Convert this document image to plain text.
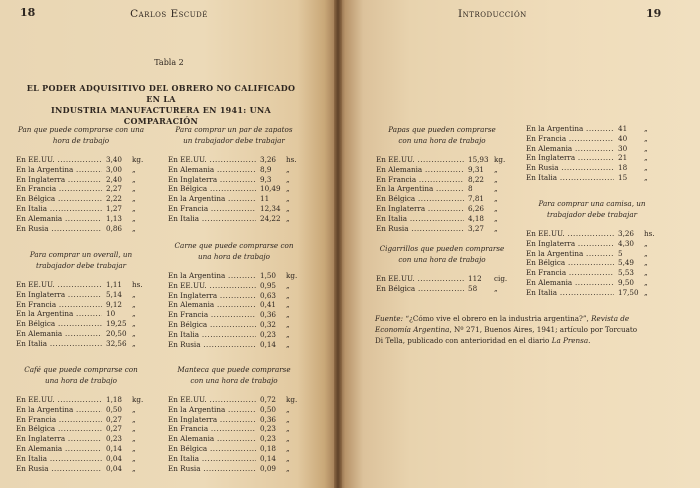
18	Carlos Escudé
Tabla 2
EL PODER ADQUISITIVO DEL OBRERO NO CALIFICADO EN LA
INDUSTRIA MANUFACTURERA EN 1941: UNA COMPARACIÓN
Pan que puede comprarse con una
hora de trabajo
En EE.UU. .....	3,40	kg.
En la Argentina .....	3,00	„
En Inglaterra .....	2,40	„
En Francia .....	2,27	„
En Bélgica .....	2,22	„
En Italia .....	1,27	„
En Alemania .....	1,13	„
En Rusia .....	0,86	„
Para comprar un par de zapatos
un trabajador debe trabajar
En EE.UU. .....	3,26	hs.
En Alemania .....	8,9	„
En Inglaterra .....	9,3	„
En Bélgica .....	10,49 „
En la Argentina .....	11	„
En Francia .....	12,34 „
En Italia .....	24,22 „
Para comprar un overall, un
trabajador debe trabajar
En EE.UU. .....	1,11	hs.
En Inglaterra .....	5,14	„
En Francia .....	9,12	„
En la Argentina .....	10	„
En Bélgica .....	19,25 „
En Alemania .....	20,50 „
En Italia .....	32,56 „
Carne que puede comprarse con
una hora de trabajo
En la Argentina .....	1,50	kg.
En EE.UU. .....	0,95	„
En Inglaterra .....	0,63	„
En Alemania .....	0,41	„
En Francia .....	0,36	„
En Bélgica .....	0,32	„
En Italia .....	0,23	„
En Rusia .....	0,14	„
Café que puede comprarse con
una hora de trabajo
En EE.UU. .....	1,18	kg.
En la Argentina .....	0,50	„
En Francia .....	0,27	„
En Bélgica .....	0,27	„
En Inglaterra .....	0,23	„
En Alemania .....	0,14	„
En Italia .....	0,04	„
En Rusia .....	0,04	„
Manteca que puede comprarse
con una hora de trabajo
En EE.UU. .....	0,72	kg.
En la Argentina .....	0,50	„
En Inglaterra .....	0,36	„
En Francia .....	0,23	„
En Alemania .....	0,23	„
En Bélgica .....	0,18	„
En Italia .....	0,14	„
En Rusia .....	0,09	„
Introducción	19
Papas que pueden comprarse
con una hora de trabajo
En EE.UU. .....	15,93 kg.
En Alemania .....	9,31	„
En Francia .....	8,22	„
En la Argentina .....	8	„
En Bélgica .....	7,81	„
En Inglaterra .....	6,26	„
En Italia .....	4,18	„
En Rusia .....	3,27	„
En la Argentina .....	41	„
En Francia .....	40	„
En Alemania .....	30	„
En Inglaterra .....	21	„
En Rusia .....	18	„
En Italia .....	15	„
Cigarrillos que pueden comprarse
con una hora de trabajo
En EE.UU. .....	112	cig.
En Bélgica .....	58	„
Para comprar una camisa, un
trabajador debe trabajar
En EE.UU. .....	3,26	hs.
En Inglaterra .....	4,30	„
En la Argentina .....	5	„
En Bélgica .....	5,49	„
En Francia .....	5,53	„
En Alemania .....	9,50	„
En Italia .....	17,50 „
Fuente: “¿Cómo vive el obrero en la industria argentina?”, Revista de Economía Argentina, Nº 271, Buenos Aires, 1941; artículo por Torcuato Di Tella, publicado con anterioridad en el diario La Prensa.
